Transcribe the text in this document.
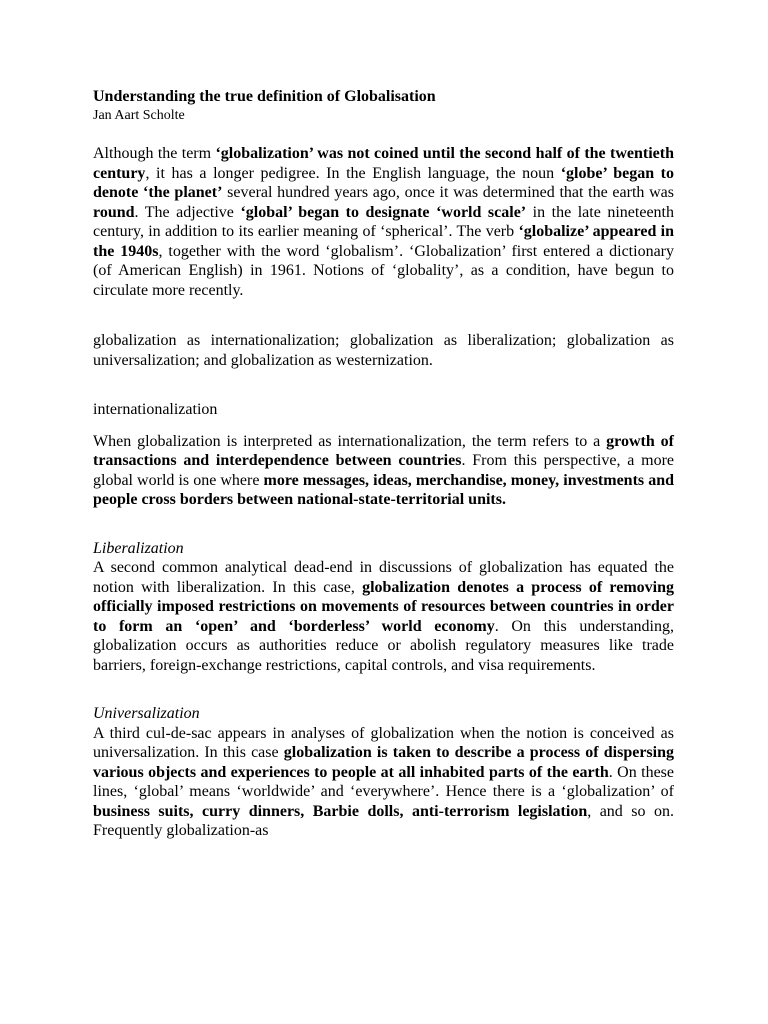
Understanding the true definition of Globalisation
Jan Aart Scholte

Although the term ‘globalization’ was not coined until the second half of the twentieth century, it has a longer pedigree. In the English language, the noun ‘globe’ began to denote ‘the planet’ several hundred years ago, once it was determined that the earth was round. The adjective ‘global’ began to designate ‘world scale’ in the late nineteenth century, in addition to its earlier meaning of ‘spherical’. The verb ‘globalize’ appeared in the 1940s, together with the word ‘globalism’. ‘Globalization’ first entered a dictionary (of American English) in 1961. Notions of ‘globality’, as a condition, have begun to circulate more recently.

globalization as internationalization; globalization as liberalization; globalization as universalization; and globalization as westernization.

internationalization

When globalization is interpreted as internationalization, the term refers to a growth of transactions and interdependence between countries. From this perspective, a more global world is one where more messages, ideas, merchandise, money, investments and people cross borders between national-state-territorial units.

Liberalization

A second common analytical dead-end in discussions of globalization has equated the notion with liberalization. In this case, globalization denotes a process of removing officially imposed restrictions on movements of resources between countries in order to form an ‘open’ and ‘borderless’ world economy. On this understanding, globalization occurs as authorities reduce or abolish regulatory measures like trade barriers, foreign-exchange restrictions, capital controls, and visa requirements.

Universalization

A third cul-de-sac appears in analyses of globalization when the notion is conceived as universalization. In this case globalization is taken to describe a process of dispersing various objects and experiences to people at all inhabited parts of the earth. On these lines, ‘global’ means ‘worldwide’ and ‘everywhere’. Hence there is a ‘globalization’ of business suits, curry dinners, Barbie dolls, anti-terrorism legislation, and so on. Frequently globalization-as
